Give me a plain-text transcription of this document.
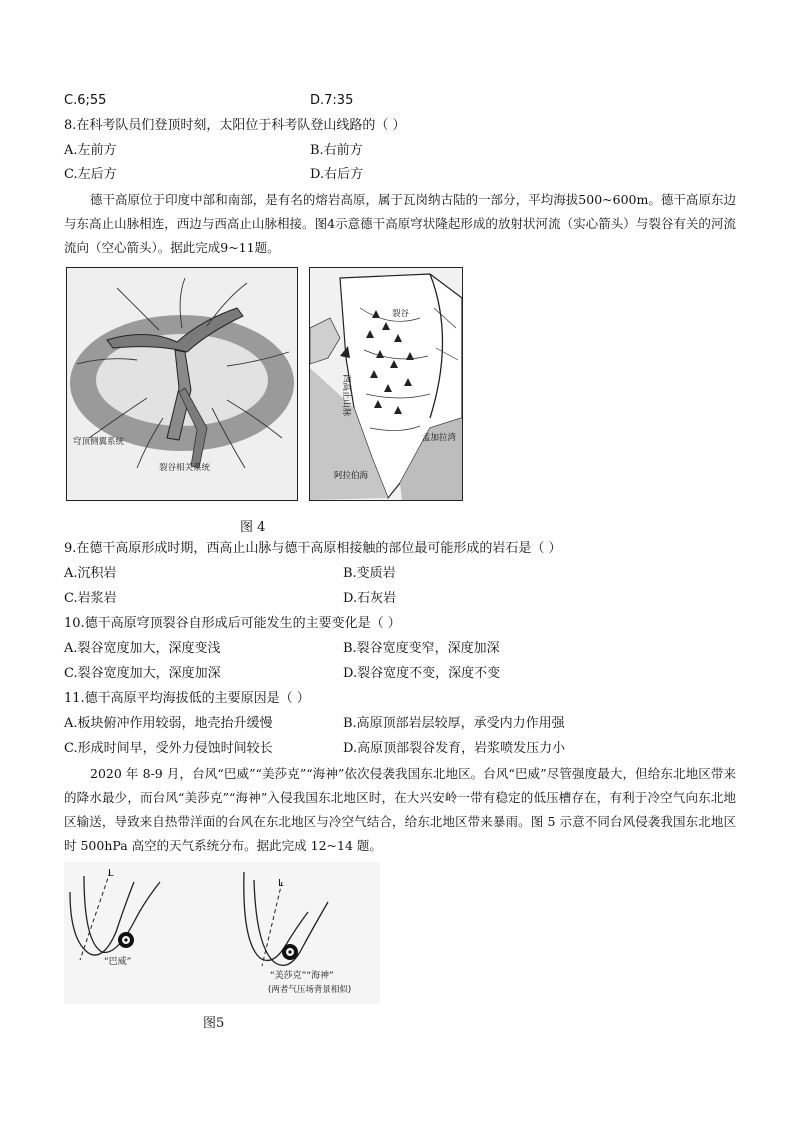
C.6;55	D.7:35
8.在科考队员们登顶时刻，太阳位于科考队登山线路的（ ）
A.左前方	B.右前方
C.左后方	D.右后方
德干高原位于印度中部和南部，是有名的熔岩高原，属于瓦岗纳古陆的一部分，平均海拔500~600m。德干高原东边与东高止山脉相连，西边与西高止山脉相接。图4示意德干高原穹状隆起形成的放射状河流（实心箭头）与裂谷有关的河流流向（空心箭头）。据此完成9~11题。
穹顶侧翼系统
裂谷相关系统
裂谷
西高止山脉
孟加拉湾
阿拉伯海
图 4
9.在德干高原形成时期，西高止山脉与德干高原相接触的部位最可能形成的岩石是（ ）
A.沉积岩	B.变质岩
C.岩浆岩	D.石灰岩
10.德干高原穹顶裂谷自形成后可能发生的主要变化是（ ）
A.裂谷宽度加大，深度变浅	B.裂谷宽度变窄，深度加深
C.裂谷宽度加大，深度加深	D.裂谷宽度不变，深度不变
11.德干高原平均海拔低的主要原因是（ ）
A.板块俯冲作用较弱，地壳抬升缓慢	B.高原顶部岩层较厚，承受内力作用强
C.形成时间早，受外力侵蚀时间较长	D.高原顶部裂谷发育，岩浆喷发压力小
2020 年 8-9 月，台风“巴威”“美莎克”“海神”依次侵袭我国东北地区。台风“巴威”尽管强度最大，但给东北地区带来的降水最少，而台风“美莎克”“海神”入侵我国东北地区时，在大兴安岭一带有稳定的低压槽存在，有利于冷空气向东北地区输送，导致来自热带洋面的台风在东北地区与冷空气结合，给东北地区带来暴雨。图 5 示意不同台风侵袭我国东北地区时 500hPa 高空的天气系统分布。据此完成 12~14 题。
L
“巴威”
L
“美莎克”“海神”
(两者气压场背景相似)
图5
